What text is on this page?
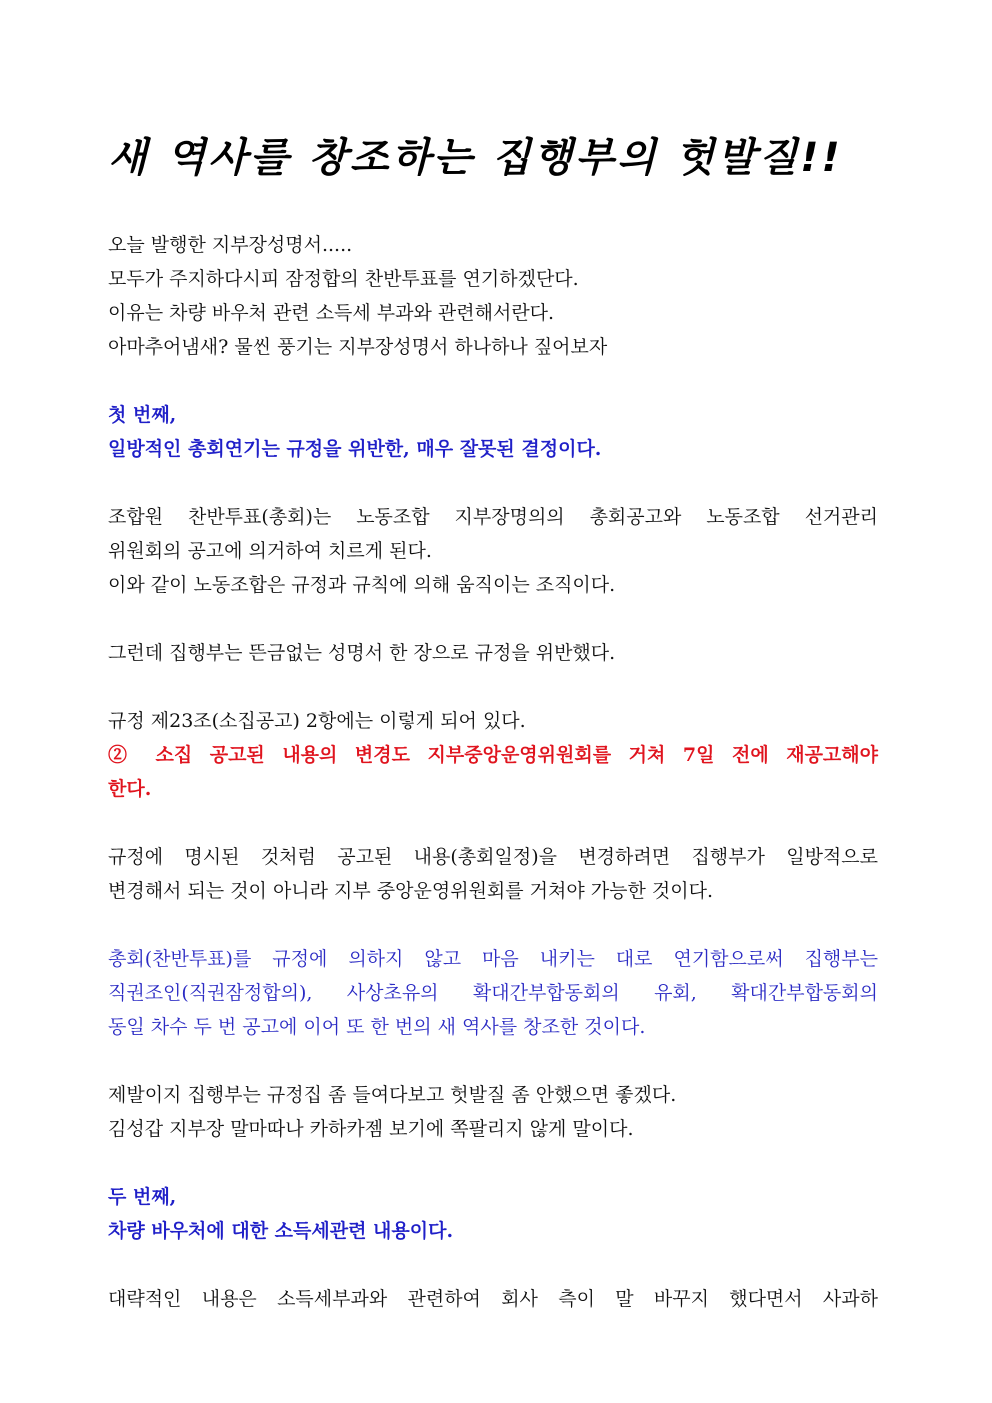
새 역사를 창조하는 집행부의 헛발질!!
오늘 발행한 지부장성명서.....
모두가 주지하다시피 잠정합의 찬반투표를 연기하겠단다.
이유는 차량 바우처 관련 소득세 부과와 관련해서란다.
아마추어냄새? 물씬 풍기는 지부장성명서 하나하나 짚어보자
첫 번째,
일방적인 총회연기는 규정을 위반한, 매우 잘못된 결정이다.
조합원 찬반투표(총회)는 노동조합 지부장명의의 총회공고와 노동조합 선거관리
위원회의 공고에 의거하여 치르게 된다.
이와 같이 노동조합은 규정과 규칙에 의해 움직이는 조직이다.
그런데 집행부는 뜬금없는 성명서 한 장으로 규정을 위반했다.
규정 제23조(소집공고) 2항에는 이렇게 되어 있다.
② 소집 공고된 내용의 변경도 지부중앙운영위원회를 거쳐 7일 전에 재공고해야
한다.
규정에 명시된 것처럼 공고된 내용(총회일정)을 변경하려면 집행부가 일방적으로
변경해서 되는 것이 아니라 지부 중앙운영위원회를 거쳐야 가능한 것이다.
총회(찬반투표)를 규정에 의하지 않고 마음 내키는 대로 연기함으로써 집행부는
직권조인(직권잠정합의), 사상초유의 확대간부합동회의 유회, 확대간부합동회의
동일 차수 두 번 공고에 이어 또 한 번의 새 역사를 창조한 것이다.
제발이지 집행부는 규정집 좀 들여다보고 헛발질 좀 안했으면 좋겠다.
김성갑 지부장 말마따나 카하카젬 보기에 쪽팔리지 않게 말이다.
두 번째,
차량 바우처에 대한 소득세관련 내용이다.
대략적인 내용은 소득세부과와 관련하여 회사 측이 말 바꾸지 했다면서 사과하
